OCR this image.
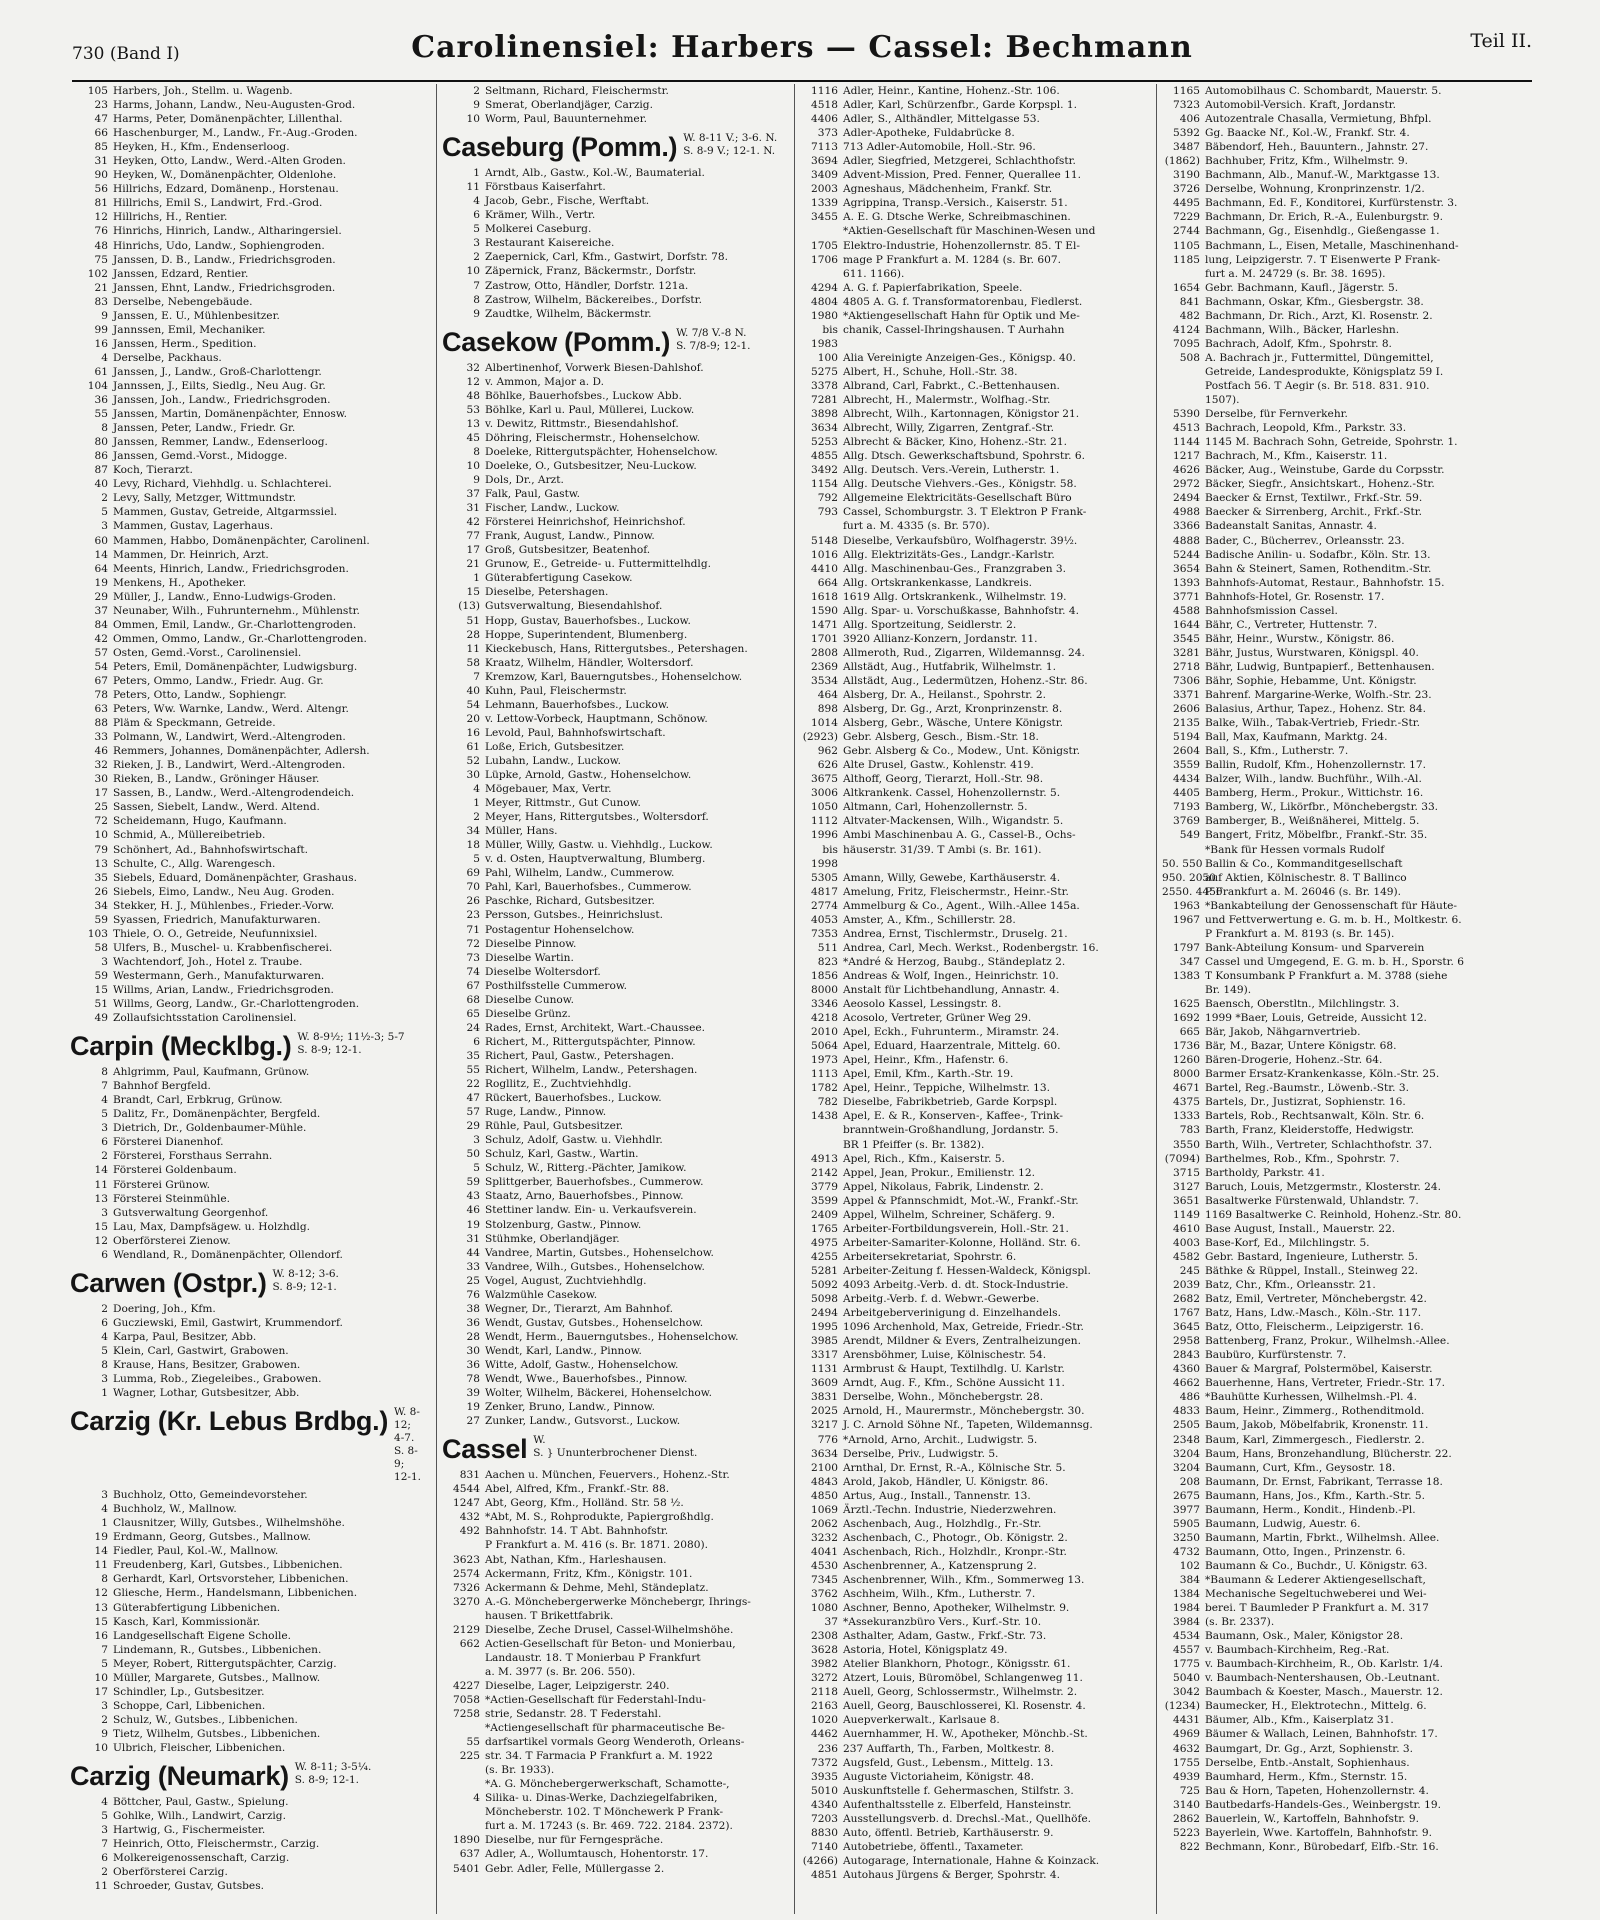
730 (Band I)	Carolinensiel: Harbers — Cassel: Bechmann	Teil II.
105 Harbers, Joh., Stellm. u. Wagenb.
23 Harms, Johann, Landw., Neu-Augusten-Grod.
47 Harms, Peter, Domänenpächter, Lillenthal.
66 Haschenburger, M., Landw., Fr.-Aug.-Groden.
85 Heyken, H., Kfm., Endenserloog.
31 Heyken, Otto, Landw., Werd.-Alten Groden.
90 Heyken, W., Domänenpächter, Oldenlohe.
56 Hillrichs, Edzard, Domänenp., Horstenau.
81 Hillrichs, Emil S., Landwirt, Frd.-Grod.
12 Hillrichs, H., Rentier.
76 Hinrichs, Hinrich, Landw., Altharingersiel.
48 Hinrichs, Udo, Landw., Sophiengroden.
75 Janssen, D. B., Landw., Friedrichsgroden.
102 Janssen, Edzard, Rentier.
21 Janssen, Ehnt, Landw., Friedrichsgroden.
83 Derselbe, Nebengebäude.
9 Janssen, E. U., Mühlenbesitzer.
99 Jannssen, Emil, Mechaniker.
16 Janssen, Herm., Spedition.
4 Derselbe, Packhaus.
61 Janssen, J., Landw., Groß-Charlottengr.
104 Jannssen, J., Eilts, Siedlg., Neu Aug. Gr.
36 Janssen, Joh., Landw., Friedrichsgroden.
55 Janssen, Martin, Domänenpächter, Ennosw.
8 Janssen, Peter, Landw., Friedr. Gr.
80 Janssen, Remmer, Landw., Edenserloog.
86 Janssen, Gemd.-Vorst., Midogge.
87 Koch, Tierarzt.
40 Levy, Richard, Viehhdlg. u. Schlachterei.
2 Levy, Sally, Metzger, Wittmundstr.
5 Mammen, Gustav, Getreide, Altgarmssiel.
3 Mammen, Gustav, Lagerhaus.
60 Mammen, Habbo, Domänenpächter, Carolinenl.
14 Mammen, Dr. Heinrich, Arzt.
64 Meents, Hinrich, Landw., Friedrichsgroden.
19 Menkens, H., Apotheker.
29 Müller, J., Landw., Enno-Ludwigs-Groden.
37 Neunaber, Wilh., Fuhrunternehm., Mühlenstr.
84 Ommen, Emil, Landw., Gr.-Charlottengroden.
42 Ommen, Ommo, Landw., Gr.-Charlottengroden.
57 Osten, Gemd.-Vorst., Carolinensiel.
54 Peters, Emil, Domänenpächter, Ludwigsburg.
67 Peters, Ommo, Landw., Friedr. Aug. Gr.
78 Peters, Otto, Landw., Sophiengr.
63 Peters, Ww. Warnke, Landw., Werd. Altengr.
88 Pläm & Speckmann, Getreide.
33 Polmann, W., Landwirt, Werd.-Altengroden.
46 Remmers, Johannes, Domänenpächter, Adlersh.
32 Rieken, J. B., Landwirt, Werd.-Altengroden.
30 Rieken, B., Landw., Gröninger Häuser.
17 Sassen, B., Landw., Werd.-Altengrodendeich.
25 Sassen, Siebelt, Landw., Werd. Altend.
72 Scheidemann, Hugo, Kaufmann.
10 Schmid, A., Müllereibetrieb.
79 Schönhert, Ad., Bahnhofswirtschaft.
13 Schulte, C., Allg. Warengesch.
35 Siebels, Eduard, Domänenpächter, Grashaus.
26 Siebels, Eimo, Landw., Neu Aug. Groden.
34 Stekker, H. J., Mühlenbes., Frieder.-Vorw.
59 Syassen, Friedrich, Manufakturwaren.
103 Thiele, O. O., Getreide, Neufunnixsiel.
58 Ulfers, B., Muschel- u. Krabbenfischerei.
3 Wachtendorf, Joh., Hotel z. Traube.
59 Westermann, Gerh., Manufakturwaren.
15 Willms, Arian, Landw., Friedrichsgroden.
51 Willms, Georg, Landw., Gr.-Charlottengroden.
49 Zollaufsichtsstation Carolinensiel.
Carpin (Mecklbg.) W. 8-9½; 11½-3; 5-7
S. 8-9; 12-1.
8 Ahlgrimm, Paul, Kaufmann, Grünow.
7 Bahnhof Bergfeld.
4 Brandt, Carl, Erbkrug, Grünow.
5 Dalitz, Fr., Domänenpächter, Bergfeld.
3 Dietrich, Dr., Goldenbaumer-Mühle.
6 Försterei Dianenhof.
2 Försterei, Forsthaus Serrahn.
14 Försterei Goldenbaum.
11 Försterei Grünow.
13 Försterei Steinmühle.
3 Gutsverwaltung Georgenhof.
15 Lau, Max, Dampfsägew. u. Holzhdlg.
12 Oberförsterei Zienow.
6 Wendland, R., Domänenpächter, Ollendorf.
Carwen (Ostpr.) W. 8-12; 3-6.
S. 8-9; 12-1.
2 Doering, Joh., Kfm.
6 Gucziewski, Emil, Gastwirt, Krummendorf.
4 Karpa, Paul, Besitzer, Abb.
5 Klein, Carl, Gastwirt, Grabowen.
8 Krause, Hans, Besitzer, Grabowen.
3 Lumma, Rob., Ziegeleibes., Grabowen.
1 Wagner, Lothar, Gutsbesitzer, Abb.
Carzig (Kr. Lebus Brdbg.) W. 8-12; 4-7.
S. 8-9; 12-1.
3 Buchholz, Otto, Gemeindevorsteher.
4 Buchholz, W., Mallnow.
1 Clausnitzer, Willy, Gutsbes., Wilhelmshöhe.
19 Erdmann, Georg, Gutsbes., Mallnow.
14 Fiedler, Paul, Kol.-W., Mallnow.
11 Freudenberg, Karl, Gutsbes., Libbenichen.
8 Gerhardt, Karl, Ortsvorsteher, Libbenichen.
12 Gliesche, Herm., Handelsmann, Libbenichen.
13 Güterabfertigung Libbenichen.
15 Kasch, Karl, Kommissionär.
16 Landgesellschaft Eigene Scholle.
7 Lindemann, R., Gutsbes., Libbenichen.
5 Meyer, Robert, Rittergutspächter, Carzig.
10 Müller, Margarete, Gutsbes., Mallnow.
17 Schindler, Lp., Gutsbesitzer.
3 Schoppe, Carl, Libbenichen.
2 Schulz, W., Gutsbes., Libbenichen.
9 Tietz, Wilhelm, Gutsbes., Libbenichen.
10 Ulbrich, Fleischer, Libbenichen.
Carzig (Neumark) W. 8-11; 3-5¼.
S. 8-9; 12-1.
4 Böttcher, Paul, Gastw., Spielung.
5 Gohlke, Wilh., Landwirt, Carzig.
3 Hartwig, G., Fischermeister.
7 Heinrich, Otto, Fleischermstr., Carzig.
6 Molkereigenossenschaft, Carzig.
2 Oberförsterei Carzig.
11 Schroeder, Gustav, Gutsbes.
2 Seltmann, Richard, Fleischermstr.
9 Smerat, Oberlandjäger, Carzig.
10 Worm, Paul, Bauunternehmer.
Caseburg (Pomm.) W. 8-11 V.; 3-6. N.
S. 8-9 V.; 12-1. N.
1 Arndt, Alb., Gastw., Kol.-W., Baumaterial.
11 Förstbaus Kaiserfahrt.
4 Jacob, Gebr., Fische, Werftabt.
6 Krämer, Wilh., Vertr.
5 Molkerei Caseburg.
3 Restaurant Kaisereiche.
2 Zaepernick, Carl, Kfm., Gastwirt, Dorfstr. 78.
10 Zäpernick, Franz, Bäckermstr., Dorfstr.
7 Zastrow, Otto, Händler, Dorfstr. 121a.
8 Zastrow, Wilhelm, Bäckereibes., Dorfstr.
9 Zaudtke, Wilhelm, Bäckermstr.
Casekow (Pomm.) W. 7/8 V.-8 N.
S. 7/8-9; 12-1.
32 Albertinenhof, Vorwerk Biesen-Dahlshof.
12 v. Ammon, Major a. D.
48 Böhlke, Bauerhofsbes., Luckow Abb.
53 Böhlke, Karl u. Paul, Müllerei, Luckow.
13 v. Dewitz, Rittmstr., Biesendahlshof.
45 Döhring, Fleischermstr., Hohenselchow.
8 Doeleke, Rittergutspächter, Hohenselchow.
10 Doeleke, O., Gutsbesitzer, Neu-Luckow.
9 Dols, Dr., Arzt.
37 Falk, Paul, Gastw.
31 Fischer, Landw., Luckow.
42 Försterei Heinrichshof, Heinrichshof.
77 Frank, August, Landw., Pinnow.
17 Groß, Gutsbesitzer, Beatenhof.
21 Grunow, E., Getreide- u. Futtermittelhdlg.
1 Güterabfertigung Casekow.
15 Dieselbe, Petershagen.
(13) Gutsverwaltung, Biesendahlshof.
51 Hopp, Gustav, Bauerhofsbes., Luckow.
28 Hoppe, Superintendent, Blumenberg.
11 Kieckebusch, Hans, Rittergutsbes., Petershagen.
58 Kraatz, Wilhelm, Händler, Woltersdorf.
7 Kremzow, Karl, Bauerngutsbes., Hohenselchow.
40 Kuhn, Paul, Fleischermstr.
54 Lehmann, Bauerhofsbes., Luckow.
20 v. Lettow-Vorbeck, Hauptmann, Schönow.
16 Levold, Paul, Bahnhofswirtschaft.
61 Loße, Erich, Gutsbesitzer.
52 Lubahn, Landw., Luckow.
30 Lüpke, Arnold, Gastw., Hohenselchow.
4 Mögebauer, Max, Vertr.
1 Meyer, Rittmstr., Gut Cunow.
2 Meyer, Hans, Rittergutsbes., Woltersdorf.
34 Müller, Hans.
18 Müller, Willy, Gastw. u. Viehhdlg., Luckow.
5 v. d. Osten, Hauptverwaltung, Blumberg.
69 Pahl, Wilhelm, Landw., Cummerow.
70 Pahl, Karl, Bauerhofsbes., Cummerow.
26 Paschke, Richard, Gutsbesitzer.
23 Persson, Gutsbes., Heinrichslust.
71 Postagentur Hohenselchow.
72 Dieselbe Pinnow.
73 Dieselbe Wartin.
74 Dieselbe Woltersdorf.
67 Posthilfsstelle Cummerow.
68 Dieselbe Cunow.
65 Dieselbe Grünz.
24 Rades, Ernst, Architekt, Wart.-Chaussee.
6 Richert, M., Rittergutspächter, Pinnow.
35 Richert, Paul, Gastw., Petershagen.
55 Richert, Wilhelm, Landw., Petershagen.
22 Rogllitz, E., Zuchtviehhdlg.
47 Rückert, Bauerhofsbes., Luckow.
57 Ruge, Landw., Pinnow.
29 Rühle, Paul, Gutsbesitzer.
3 Schulz, Adolf, Gastw. u. Viehhdlr.
50 Schulz, Karl, Gastw., Wartin.
5 Schulz, W., Ritterg.-Pächter, Jamikow.
59 Splittgerber, Bauerhofsbes., Cummerow.
43 Staatz, Arno, Bauerhofsbes., Pinnow.
46 Stettiner landw. Ein- u. Verkaufsverein.
19 Stolzenburg, Gastw., Pinnow.
31 Stühmke, Oberlandjäger.
44 Vandree, Martin, Gutsbes., Hohenselchow.
33 Vandree, Wilh., Gutsbes., Hohenselchow.
25 Vogel, August, Zuchtviehhdlg.
76 Walzmühle Casekow.
38 Wegner, Dr., Tierarzt, Am Bahnhof.
36 Wendt, Gustav, Gutsbes., Hohenselchow.
28 Wendt, Herm., Bauerngutsbes., Hohenselchow.
30 Wendt, Karl, Landw., Pinnow.
36 Witte, Adolf, Gastw., Hohenselchow.
78 Wendt, Wwe., Bauerhofsbes., Pinnow.
39 Wolter, Wilhelm, Bäckerei, Hohenselchow.
19 Zenker, Bruno, Landw., Pinnow.
27 Zunker, Landw., Gutsvorst., Luckow.
Cassel W.
S. } Ununterbrochener Dienst.
831 Aachen u. München, Feuervers., Hohenz.-Str.
4544 Abel, Alfred, Kfm., Frankf.-Str. 88.
1247 Abt, Georg, Kfm., Holländ. Str. 58 ½.
432 *Abt, M. S., Rohprodukte, Papiergroßhdlg.
492 Bahnhofstr. 14. T Abt. Bahnhofstr.
P Frankfurt a. M. 416 (s. Br. 1871. 2080).
3623 Abt, Nathan, Kfm., Harleshausen.
2574 Ackermann, Fritz, Kfm., Königstr. 101.
7326 Ackermann & Dehme, Mehl, Ständeplatz.
3270 A.-G. Mönchebergerwerke Mönchebergr, Ihrings-
hausen. T Brikettfabrik.
2129 Dieselbe, Zeche Drusel, Cassel-Wilhelmshöhe.
662 Actien-Gesellschaft für Beton- und Monierbau,
Landaustr. 18. T Monierbau P Frankfurt
a. M. 3977 (s. Br. 206. 550).
4227 Dieselbe, Lager, Leipzigerstr. 240.
7058 *Actien-Gesellschaft für Federstahl-Indu-
7258 strie, Sedanstr. 28. T Federstahl.
*Actiengesellschaft für pharmaceutische Be-
55 darfsartikel vormals Georg Wenderoth, Orleans-
225 str. 34. T Farmacia P Frankfurt a. M. 1922
(s. Br. 1933).
*A. G. Mönchebergerwerkschaft, Schamotte-,
4 Silika- u. Dinas-Werke, Dachziegelfabriken,
Möncheberstr. 102. T Mönchewerk P Frank-
furt a. M. 17243 (s. Br. 469. 722. 2184. 2372).
1890 Dieselbe, nur für Ferngespräche.
637 Adler, A., Wollumtausch, Hohentorstr. 17.
5401 Gebr. Adler, Felle, Müllergasse 2.
1116 Adler, Heinr., Kantine, Hohenz.-Str. 106.
4518 Adler, Karl, Schürzenfbr., Garde Korpspl. 1.
4406 Adler, S., Althändler, Mittelgasse 53.
373 Adler-Apotheke, Fuldabrücke 8.
7113 713 Adler-Automobile, Holl.-Str. 96.
3694 Adler, Siegfried, Metzgerei, Schlachthofstr.
3409 Advent-Mission, Pred. Fenner, Querallee 11.
2003 Agneshaus, Mädchenheim, Frankf. Str.
1339 Agrippina, Transp.-Versich., Kaiserstr. 51.
3455 A. E. G. Dtsche Werke, Schreibmaschinen.
*Aktien-Gesellschaft für Maschinen-Wesen und
1705 Elektro-Industrie, Hohenzollernstr. 85. T El-
1706 mage P Frankfurt a. M. 1284 (s. Br. 607.
611. 1166).
4294 A. G. f. Papierfabrikation, Speele.
4804 4805 A. G. f. Transformatorenbau, Fiedlerst.
1980 *Aktiengesellschaft Hahn für Optik und Me-
bis chanik, Cassel-Ihringshausen. T Aurhahn
1983
100 Alia Vereinigte Anzeigen-Ges., Königsp. 40.
5275 Albert, H., Schuhe, Holl.-Str. 38.
3378 Albrand, Carl, Fabrkt., C.-Bettenhausen.
7281 Albrecht, H., Malermstr., Wolfhag.-Str.
3898 Albrecht, Wilh., Kartonnagen, Königstor 21.
3634 Albrecht, Willy, Zigarren, Zentgraf.-Str.
5253 Albrecht & Bäcker, Kino, Hohenz.-Str. 21.
4855 Allg. Dtsch. Gewerkschaftsbund, Spohrstr. 6.
3492 Allg. Deutsch. Vers.-Verein, Lutherstr. 1.
1154 Allg. Deutsche Viehvers.-Ges., Königstr. 58.
792 Allgemeine Elektricitäts-Gesellschaft Büro
793 Cassel, Schomburgstr. 3. T Elektron P Frank-
furt a. M. 4335 (s. Br. 570).
5148 Dieselbe, Verkaufsbüro, Wolfhagerstr. 39½.
1016 Allg. Elektrizitäts-Ges., Landgr.-Karlstr.
4410 Allg. Maschinenbau-Ges., Franzgraben 3.
664 Allg. Ortskrankenkasse, Landkreis.
1618 1619 Allg. Ortskrankenk., Wilhelmstr. 19.
1590 Allg. Spar- u. Vorschußkasse, Bahnhofstr. 4.
1471 Allg. Sportzeitung, Seidlerstr. 2.
1701 3920 Allianz-Konzern, Jordanstr. 11.
2808 Allmeroth, Rud., Zigarren, Wildemannsg. 24.
2369 Allstädt, Aug., Hutfabrik, Wilhelmstr. 1.
3534 Allstädt, Aug., Ledermützen, Hohenz.-Str. 86.
464 Alsberg, Dr. A., Heilanst., Spohrstr. 2.
898 Alsberg, Dr. Gg., Arzt, Kronprinzenstr. 8.
1014 Alsberg, Gebr., Wäsche, Untere Königstr.
(2923) Gebr. Alsberg, Gesch., Bism.-Str. 18.
962 Gebr. Alsberg & Co., Modew., Unt. Königstr.
626 Alte Drusel, Gastw., Kohlenstr. 419.
3675 Althoff, Georg, Tierarzt, Holl.-Str. 98.
3006 Altkrankenk. Cassel, Hohenzollernstr. 5.
1050 Altmann, Carl, Hohenzollernstr. 5.
1112 Altvater-Mackensen, Wilh., Wigandstr. 5.
1996 Ambi Maschinenbau A. G., Cassel-B., Ochs-
bis häuserstr. 31/39. T Ambi (s. Br. 161).
1998
5305 Amann, Willy, Gewebe, Karthäuserstr. 4.
4817 Amelung, Fritz, Fleischermstr., Heinr.-Str.
2774 Ammelburg & Co., Agent., Wilh.-Allee 145a.
4053 Amster, A., Kfm., Schillerstr. 28.
7353 Andrea, Ernst, Tischlermstr., Druselg. 21.
511 Andrea, Carl, Mech. Werkst., Rodenbergstr. 16.
823 *André & Herzog, Baubg., Ständeplatz 2.
1856 Andreas & Wolf, Ingen., Heinrichstr. 10.
8000 Anstalt für Lichtbehandlung, Annastr. 4.
3346 Aeosolo Kassel, Lessingstr. 8.
4218 Acosolo, Vertreter, Grüner Weg 29.
2010 Apel, Eckh., Fuhrunterm., Miramstr. 24.
5064 Apel, Eduard, Haarzentrale, Mittelg. 60.
1973 Apel, Heinr., Kfm., Hafenstr. 6.
1113 Apel, Emil, Kfm., Karth.-Str. 19.
1782 Apel, Heinr., Teppiche, Wilhelmstr. 13.
782 Dieselbe, Fabrikbetrieb, Garde Korpspl.
1438 Apel, E. & R., Konserven-, Kaffee-, Trink-
branntwein-Großhandlung, Jordanstr. 5.
BR 1 Pfeiffer (s. Br. 1382).
4913 Apel, Rich., Kfm., Kaiserstr. 5.
2142 Appel, Jean, Prokur., Emilienstr. 12.
3779 Appel, Nikolaus, Fabrik, Lindenstr. 2.
3599 Appel & Pfannschmidt, Mot.-W., Frankf.-Str.
2409 Appel, Wilhelm, Schreiner, Schäferg. 9.
1765 Arbeiter-Fortbildungsverein, Holl.-Str. 21.
4975 Arbeiter-Samariter-Kolonne, Holländ. Str. 6.
4255 Arbeitersekretariat, Spohrstr. 6.
5281 Arbeiter-Zeitung f. Hessen-Waldeck, Königspl.
5092 4093 Arbeitg.-Verb. d. dt. Stock-Industrie.
5098 Arbeitg.-Verb. f. d. Webwr.-Gewerbe.
2494 Arbeitgeberverinigung d. Einzelhandels.
1995 1096 Archenhold, Max, Getreide, Friedr.-Str.
3985 Arendt, Mildner & Evers, Zentralheizungen.
3317 Arensböhmer, Luise, Kölnischestr. 54.
1131 Armbrust & Haupt, Textilhdlg. U. Karlstr.
3609 Arndt, Aug. F., Kfm., Schöne Aussicht 11.
3831 Derselbe, Wohn., Mönchebergstr. 28.
2025 Arnold, H., Maurermstr., Mönchebergstr. 30.
3217 J. C. Arnold Söhne Nf., Tapeten, Wildemannsg.
776 *Arnold, Arno, Archit., Ludwigstr. 5.
3634 Derselbe, Priv., Ludwigstr. 5.
2100 Arnthal, Dr. Ernst, R.-A., Kölnische Str. 5.
4843 Arold, Jakob, Händler, U. Königstr. 86.
4850 Artus, Aug., Install., Tannenstr. 13.
1069 Ärztl.-Techn. Industrie, Niederzwehren.
2062 Aschenbach, Aug., Holzhdlg., Fr.-Str.
3232 Aschenbach, C., Photogr., Ob. Königstr. 2.
4041 Aschenbach, Rich., Holzhdlr., Kronpr.-Str.
4530 Aschenbrenner, A., Katzensprung 2.
7345 Aschenbrenner, Wilh., Kfm., Sommerweg 13.
3762 Aschheim, Wilh., Kfm., Lutherstr. 7.
1080 Aschner, Benno, Apotheker, Wilhelmstr. 9.
37 *Assekuranzbüro Vers., Kurf.-Str. 10.
2308 Asthalter, Adam, Gastw., Frkf.-Str. 73.
3628 Astoria, Hotel, Königsplatz 49.
3982 Atelier Blankhorn, Photogr., Königsstr. 61.
3272 Atzert, Louis, Büromöbel, Schlangenweg 11.
2118 Auell, Georg, Schlossermstr., Wilhelmstr. 2.
2163 Auell, Georg, Bauschlosserei, Kl. Rosenstr. 4.
1020 Auepverkerwalt., Karlsaue 8.
4462 Auernhammer, H. W., Apotheker, Mönchb.-St.
236 237 Auffarth, Th., Farben, Moltkestr. 8.
7372 Augsfeld, Gust., Lebensm., Mittelg. 13.
3935 Auguste Victoriaheim, Königstr. 48.
5010 Auskunftstelle f. Gehermaschen, Stilfstr. 3.
4340 Aufenthaltsstelle z. Elberfeld, Hansteinstr.
7203 Ausstellungsverb. d. Drechsl.-Mat., Quellhöfe.
8830 Auto, öffentl. Betrieb, Karthäuserstr. 9.
7140 Autobetriebe, öffentl., Taxameter.
(4266) Autogarage, Internationale, Hahne & Koinzack.
4851 Autohaus Jürgens & Berger, Spohrstr. 4.
1165 Automobilhaus C. Schombardt, Mauerstr. 5.
7323 Automobil-Versich. Kraft, Jordanstr.
406 Autozentrale Chasalla, Vermietung, Bhfpl.
5392 Gg. Baacke Nf., Kol.-W., Frankf. Str. 4.
3487 Bäbendorf, Heh., Bauuntern., Jahnstr. 27.
(1862) Bachhuber, Fritz, Kfm., Wilhelmstr. 9.
3190 Bachmann, Alb., Manuf.-W., Marktgasse 13.
3726 Derselbe, Wohnung, Kronprinzenstr. 1/2.
4495 Bachmann, Ed. F., Konditorei, Kurfürstenstr. 3.
7229 Bachmann, Dr. Erich, R.-A., Eulenburgstr. 9.
2744 Bachmann, Gg., Eisenhdlg., Gießengasse 1.
1105 Bachmann, L., Eisen, Metalle, Maschinenhand-
1185 lung, Leipzigerstr. 7. T Eisenwerte P Frank-
furt a. M. 24729 (s. Br. 38. 1695).
1654 Gebr. Bachmann, Kaufl., Jägerstr. 5.
841 Bachmann, Oskar, Kfm., Giesbergstr. 38.
482 Bachmann, Dr. Rich., Arzt, Kl. Rosenstr. 2.
4124 Bachmann, Wilh., Bäcker, Harleshn.
7095 Bachrach, Adolf, Kfm., Spohrstr. 8.
508 A. Bachrach jr., Futtermittel, Düngemittel,
Getreide, Landesprodukte, Königsplatz 59 I.
Postfach 56. T Aegir (s. Br. 518. 831. 910.
1507).
5390 Derselbe, für Fernverkehr.
4513 Bachrach, Leopold, Kfm., Parkstr. 33.
1144 1145 M. Bachrach Sohn, Getreide, Spohrstr. 1.
1217 Bachrach, M., Kfm., Kaiserstr. 11.
4626 Bäcker, Aug., Weinstube, Garde du Corpsstr.
2972 Bäcker, Siegfr., Ansichtskart., Hohenz.-Str.
2494 Baecker & Ernst, Textilwr., Frkf.-Str. 59.
4988 Baecker & Sirrenberg, Archit., Frkf.-Str.
3366 Badeanstalt Sanitas, Annastr. 4.
4888 Bader, C., Bücherrev., Orleansstr. 23.
5244 Badische Anilin- u. Sodafbr., Köln. Str. 13.
3654 Bahn & Steinert, Samen, Rothenditm.-Str.
1393 Bahnhofs-Automat, Restaur., Bahnhofstr. 15.
3771 Bahnhofs-Hotel, Gr. Rosenstr. 17.
4588 Bahnhofsmission Cassel.
1644 Bähr, C., Vertreter, Huttenstr. 7.
3545 Bähr, Heinr., Wurstw., Königstr. 86.
3281 Bähr, Justus, Wurstwaren, Königspl. 40.
2718 Bähr, Ludwig, Buntpapierf., Bettenhausen.
7306 Bähr, Sophie, Hebamme, Unt. Königstr.
3371 Bahrenf. Margarine-Werke, Wolfh.-Str. 23.
2606 Balasius, Arthur, Tapez., Hohenz. Str. 84.
2135 Balke, Wilh., Tabak-Vertrieb, Friedr.-Str.
5194 Ball, Max, Kaufmann, Marktg. 24.
2604 Ball, S., Kfm., Lutherstr. 7.
3559 Ballin, Rudolf, Kfm., Hohenzollernstr. 17.
4434 Balzer, Wilh., landw. Buchführ., Wilh.-Al.
4405 Bamberg, Herm., Prokur., Wittichstr. 16.
7193 Bamberg, W., Likörfbr., Mönchebergstr. 33.
3769 Bamberger, B., Weißnäherei, Mittelg. 5.
549 Bangert, Fritz, Möbelfbr., Frankf.-Str. 35.
*Bank für Hessen vormals Rudolf
50. 550 Ballin & Co., Kommanditgesellschaft
950. 2050auf Aktien, Kölnischestr. 8. T Ballinco
2550. 4450P Frankfurt a. M. 26046 (s. Br. 149).
1963 *Bankabteilung der Genossenschaft für Häute-
1967 und Fettverwertung e. G. m. b. H., Moltkestr. 6.
P Frankfurt a. M. 8193 (s. Br. 145).
1797 Bank-Abteilung Konsum- und Sparverein
347 Cassel und Umgegend, E. G. m. b. H., Sporstr. 6
1383 T Konsumbank P Frankfurt a. M. 3788 (siehe
Br. 149).
1625 Baensch, Oberstltn., Milchlingstr. 3.
1692 1999 *Baer, Louis, Getreide, Aussicht 12.
665 Bär, Jakob, Nähgarnvertrieb.
1736 Bär, M., Bazar, Untere Königstr. 68.
1260 Bären-Drogerie, Hohenz.-Str. 64.
8000 Barmer Ersatz-Krankenkasse, Köln.-Str. 25.
4671 Bartel, Reg.-Baumstr., Löwenb.-Str. 3.
4375 Bartels, Dr., Justizrat, Sophienstr. 16.
1333 Bartels, Rob., Rechtsanwalt, Köln. Str. 6.
783 Barth, Franz, Kleiderstoffe, Hedwigstr.
3550 Barth, Wilh., Vertreter, Schlachthofstr. 37.
(7094) Barthelmes, Rob., Kfm., Spohrstr. 7.
3715 Bartholdy, Parkstr. 41.
3127 Baruch, Louis, Metzgermstr., Klosterstr. 24.
3651 Basaltwerke Fürstenwald, Uhlandstr. 7.
1149 1169 Basaltwerke C. Reinhold, Hohenz.-Str. 80.
4610 Base August, Install., Mauerstr. 22.
4003 Base-Korf, Ed., Milchlingstr. 5.
4582 Gebr. Bastard, Ingenieure, Lutherstr. 5.
245 Bäthke & Rüppel, Install., Steinweg 22.
2039 Batz, Chr., Kfm., Orleansstr. 21.
2682 Batz, Emil, Vertreter, Mönchebergstr. 42.
1767 Batz, Hans, Ldw.-Masch., Köln.-Str. 117.
3645 Batz, Otto, Fleischerm., Leipzigerstr. 16.
2958 Battenberg, Franz, Prokur., Wilhelmsh.-Allee.
2843 Baubüro, Kurfürstenstr. 7.
4360 Bauer & Margraf, Polstermöbel, Kaiserstr.
4662 Bauerhenne, Hans, Vertreter, Friedr.-Str. 17.
486 *Bauhütte Kurhessen, Wilhelmsh.-Pl. 4.
4833 Baum, Heinr., Zimmerg., Rothenditmold.
2505 Baum, Jakob, Möbelfabrik, Kronenstr. 11.
2348 Baum, Karl, Zimmergesch., Fiedlerstr. 2.
3204 Baum, Hans, Bronzehandlung, Blücherstr. 22.
3204 Baumann, Curt, Kfm., Geysostr. 18.
208 Baumann, Dr. Ernst, Fabrikant, Terrasse 18.
2675 Baumann, Hans, Jos., Kfm., Karth.-Str. 5.
3977 Baumann, Herm., Kondit., Hindenb.-Pl.
5905 Baumann, Ludwig, Auestr. 6.
3250 Baumann, Martin, Fbrkt., Wilhelmsh. Allee.
4732 Baumann, Otto, Ingen., Prinzenstr. 6.
102 Baumann & Co., Buchdr., U. Königstr. 63.
384 *Baumann & Lederer Aktiengesellschaft,
1384 Mechanische Segeltuchweberei und Wei-
1984 berei. T Baumleder P Frankfurt a. M. 317
3984 (s. Br. 2337).
4534 Baumann, Osk., Maler, Königstor 28.
4557 v. Baumbach-Kirchheim, Reg.-Rat.
1775 v. Baumbach-Kirchheim, R., Ob. Karlstr. 1/4.
5040 v. Baumbach-Nentershausen, Ob.-Leutnant.
3042 Baumbach & Koester, Masch., Mauerstr. 12.
(1234) Baumecker, H., Elektrotechn., Mittelg. 6.
4431 Bäumer, Alb., Kfm., Kaiserplatz 31.
4969 Bäumer & Wallach, Leinen, Bahnhofstr. 17.
4632 Baumgart, Dr. Gg., Arzt, Sophienstr. 3.
1755 Derselbe, Entb.-Anstalt, Sophienhaus.
4939 Baumhard, Herm., Kfm., Sternstr. 15.
725 Bau & Horn, Tapeten, Hohenzollernstr. 4.
3140 Bautbedarfs-Handels-Ges., Weinbergstr. 19.
2862 Bauerlein, W., Kartoffeln, Bahnhofstr. 9.
5223 Bayerlein, Wwe. Kartoffeln, Bahnhofstr. 9.
822 Bechmann, Konr., Bürobedarf, Elfb.-Str. 16.
